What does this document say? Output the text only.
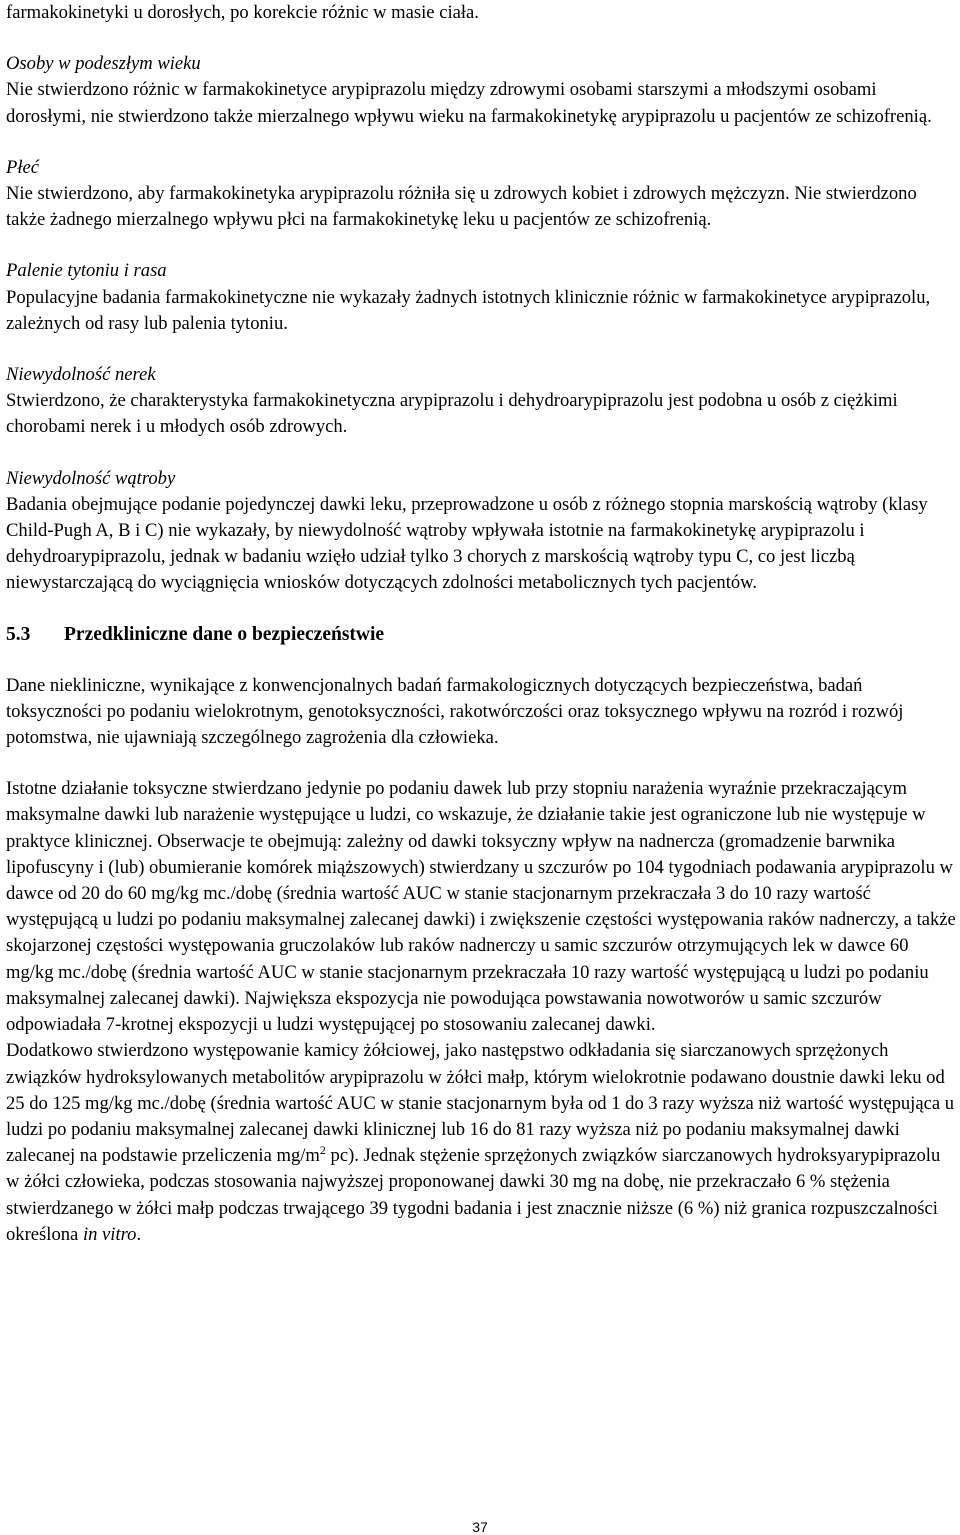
farmakokinetyki u dorosłych, po korekcie różnic w masie ciała.

Osoby w podeszłym wieku

Nie stwierdzono różnic w farmakokinetyce arypiprazolu między zdrowymi osobami starszymi a młodszymi osobami dorosłymi, nie stwierdzono także mierzalnego wpływu wieku na farmakokinetykę arypiprazolu u pacjentów ze schizofrenią.

Płeć

Nie stwierdzono, aby farmakokinetyka arypiprazolu różniła się u zdrowych kobiet i zdrowych mężczyzn. Nie stwierdzono także żadnego mierzalnego wpływu płci na farmakokinetykę leku u pacjentów ze schizofrenią.

Palenie tytoniu i rasa

Populacyjne badania farmakokinetyczne nie wykazały żadnych istotnych klinicznie różnic w farmakokinetyce arypiprazolu, zależnych od rasy lub palenia tytoniu.

Niewydolność nerek

Stwierdzono, że charakterystyka farmakokinetyczna arypiprazolu i dehydroarypiprazolu jest podobna u osób z ciężkimi chorobami nerek i u młodych osób zdrowych.

Niewydolność wątroby

Badania obejmujące podanie pojedynczej dawki leku, przeprowadzone u osób z różnego stopnia marskością wątroby (klasy Child-Pugh A, B i C) nie wykazały, by niewydolność wątroby wpływała istotnie na farmakokinetykę arypiprazolu i dehydroarypiprazolu, jednak w badaniu wzięło udział tylko 3 chorych z marskością wątroby typu C, co jest liczbą niewystarczającą do wyciągnięcia wniosków dotyczących zdolności metabolicznych tych pacjentów.

5.3 Przedkliniczne dane o bezpieczeństwie

Dane niekliniczne, wynikające z konwencjonalnych badań farmakologicznych dotyczących bezpieczeństwa, badań toksyczności po podaniu wielokrotnym, genotoksyczności, rakotwórczości oraz toksycznego wpływu na rozród i rozwój potomstwa, nie ujawniają szczególnego zagrożenia dla człowieka.

Istotne działanie toksyczne stwierdzano jedynie po podaniu dawek lub przy stopniu narażenia wyraźnie przekraczającym maksymalne dawki lub narażenie występujące u ludzi, co wskazuje, że działanie takie jest ograniczone lub nie występuje w praktyce klinicznej. Obserwacje te obejmują: zależny od dawki toksyczny wpływ na nadnercza (gromadzenie barwnika lipofuscyny i (lub) obumieranie komórek miąższowych) stwierdzany u szczurów po 104 tygodniach podawania arypiprazolu w dawce od 20 do 60 mg/kg mc./dobę (średnia wartość AUC w stanie stacjonarnym przekraczała 3 do 10 razy wartość występującą u ludzi po podaniu maksymalnej zalecanej dawki) i zwiększenie częstości występowania raków nadnerczy, a także skojarzonej częstości występowania gruczolaków lub raków nadnerczy u samic szczurów otrzymujących lek w dawce 60 mg/kg mc./dobę (średnia wartość AUC w stanie stacjonarnym przekraczała 10 razy wartość występującą u ludzi po podaniu maksymalnej zalecanej dawki). Największa ekspozycja nie powodująca powstawania nowotworów u samic szczurów odpowiadała 7-krotnej ekspozycji u ludzi występującej po stosowaniu zalecanej dawki.

Dodatkowo stwierdzono występowanie kamicy żółciowej, jako następstwo odkładania się siarczanowych sprzężonych związków hydroksylowanych metabolitów arypiprazolu w żółci małp, którym wielokrotnie podawano doustnie dawki leku od 25 do 125 mg/kg mc./dobę (średnia wartość AUC w stanie stacjonarnym była od 1 do 3 razy wyższa niż wartość występująca u ludzi po podaniu maksymalnej zalecanej dawki klinicznej lub 16 do 81 razy wyższa niż po podaniu maksymalnej dawki zalecanej na podstawie przeliczenia $mg/m^2$ pc). Jednak stężenie sprzężonych związków siarczanowych hydroksyarypiprazolu w żółci człowieka, podczas stosowania najwyższej proponowanej dawki 30 mg na dobę, nie przekraczało 6 % stężenia stwierdzanego w żółci małp podczas trwającego 39 tygodni badania i jest znacznie niższe (6 %) niż granica rozpuszczalności określona in vitro.

37
